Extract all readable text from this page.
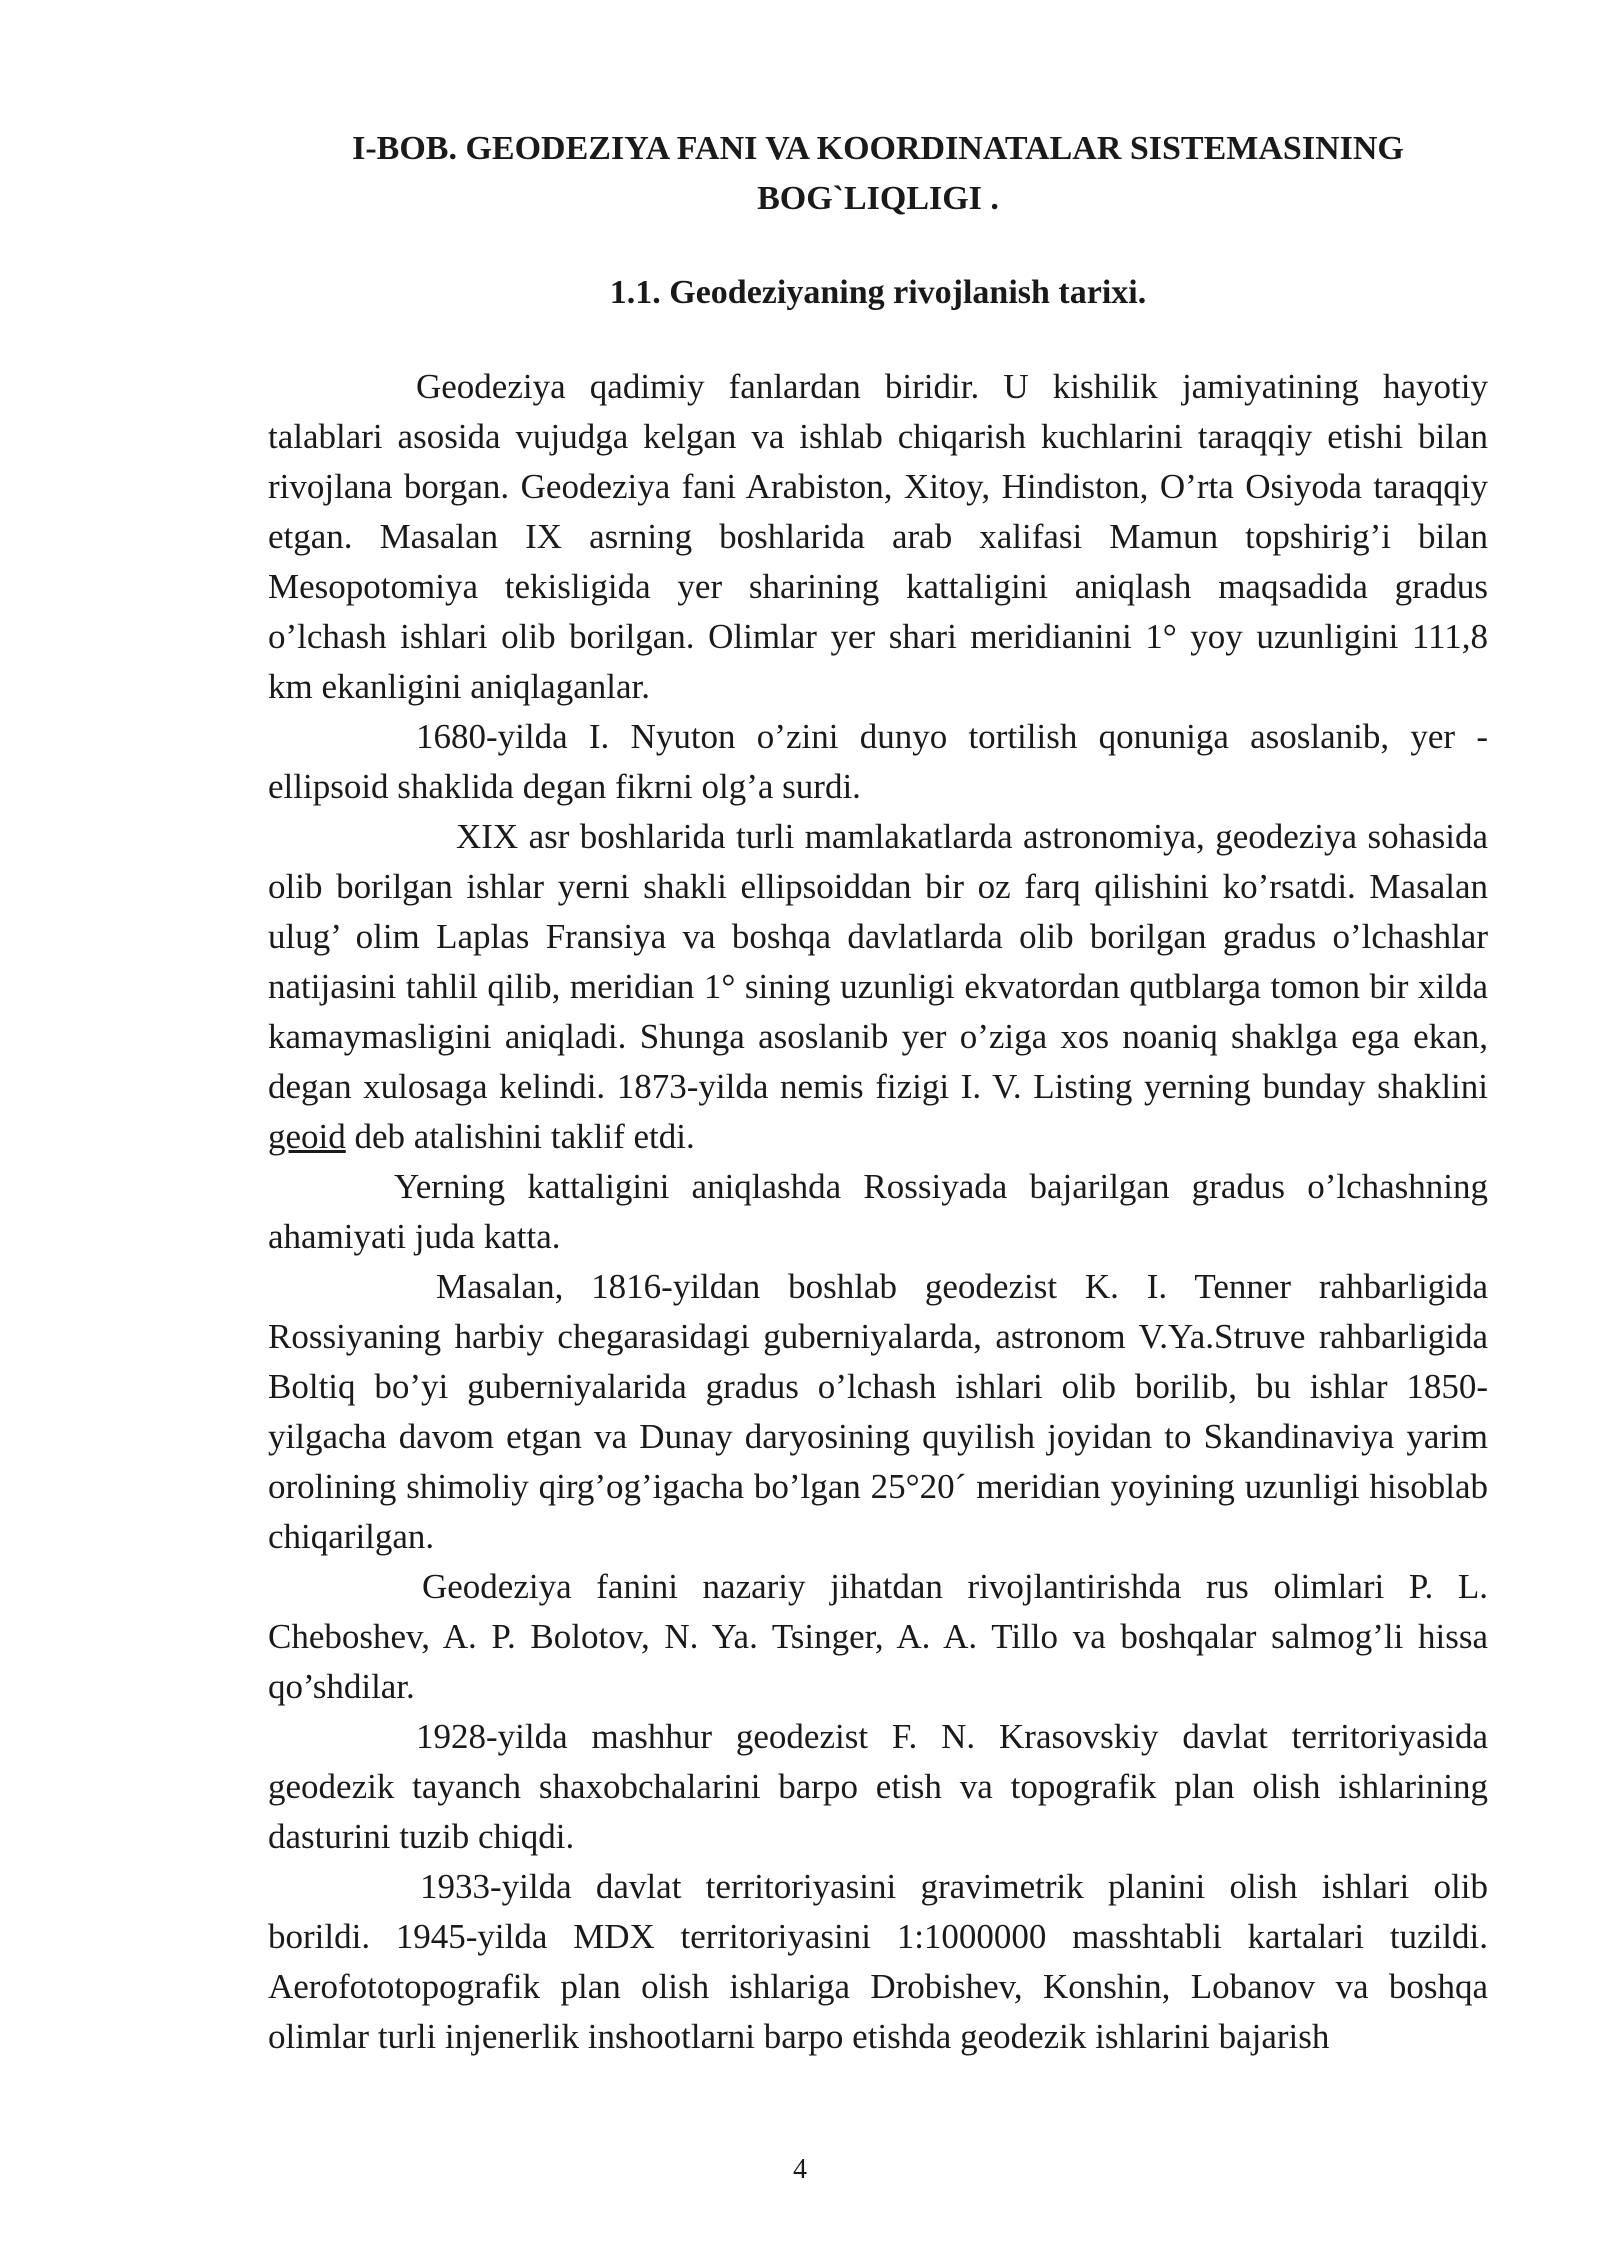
I-BOB. GEODEZIYA FANI VA KOORDINATALAR SISTEMASINING BOG`LIQLIGI .
1.1. Geodeziyaning rivojlanish tarixi.

Geodeziya qadimiy fanlardan biridir. U kishilik jamiyatining hayotiy talablari asosida vujudga kelgan va ishlab chiqarish kuchlarini taraqqiy etishi bilan rivojlana borgan. Geodeziya fani Arabiston, Xitoy, Hindiston, O’rta Osiyoda taraqqiy etgan. Masalan IX asrning boshlarida arab xalifasi Mamun topshirig’i bilan Mesopotomiya tekisligida yer sharining kattaligini aniqlash maqsadida gradus o’lchash ishlari olib borilgan. Olimlar yer shari meridianini 1° yoy uzunligini 111,8 km ekanligini aniqlaganlar.

1680-yilda I. Nyuton o’zini dunyo tortilish qonuniga asoslanib, yer - ellipsoid shaklida degan fikrni olg’a surdi.

XIX asr boshlarida turli mamlakatlarda astronomiya, geodeziya sohasida olib borilgan ishlar yerni shakli ellipsoiddan bir oz farq qilishini ko’rsatdi. Masalan ulug’ olim Laplas Fransiya va boshqa davlatlarda olib borilgan gradus o’lchashlar natijasini tahlil qilib, meridian 1° sining uzunligi ekvatordan qutblarga tomon bir xilda kamaymasligini aniqladi. Shunga asoslanib yer o’ziga xos noaniq shaklga ega ekan, degan xulosaga kelindi. 1873-yilda nemis fizigi I. V. Listing yerning bunday shaklini geoid deb atalishini taklif etdi.

Yerning kattaligini aniqlashda Rossiyada bajarilgan gradus o’lchashning ahamiyati juda katta.

Masalan, 1816-yildan boshlab geodezist K. I. Tenner rahbarligida Rossiyaning harbiy chegarasidagi guberniyalarda, astronom V.Ya.Struve rahbarligida Boltiq bo’yi guberniyalarida gradus o’lchash ishlari olib borilib, bu ishlar 1850- yilgacha davom etgan va Dunay daryosining quyilish joyidan to Skandinaviya yarim orolining shimoliy qirg’og’igacha bo’lgan 25°20´ meridian yoyining uzunligi hisoblab chiqarilgan.

Geodeziya fanini nazariy jihatdan rivojlantirishda rus olimlari P. L. Cheboshev, A. P. Bolotov, N. Ya. Tsinger, A. A. Tillo va boshqalar salmog’li hissa qo’shdilar.

1928-yilda mashhur geodezist F. N. Krasovskiy davlat territoriyasida geodezik tayanch shaxobchalarini barpo etish va topografik plan olish ishlarining dasturini tuzib chiqdi.

1933-yilda davlat territoriyasini gravimetrik planini olish ishlari olib borildi. 1945-yilda MDX territoriyasini 1:1000000 masshtabli kartalari tuzildi. Aerofototopografik plan olish ishlariga Drobishev, Konshin, Lobanov va boshqa olimlar turli injenerlik inshootlarni barpo etishda geodezik ishlarini bajarish

4
